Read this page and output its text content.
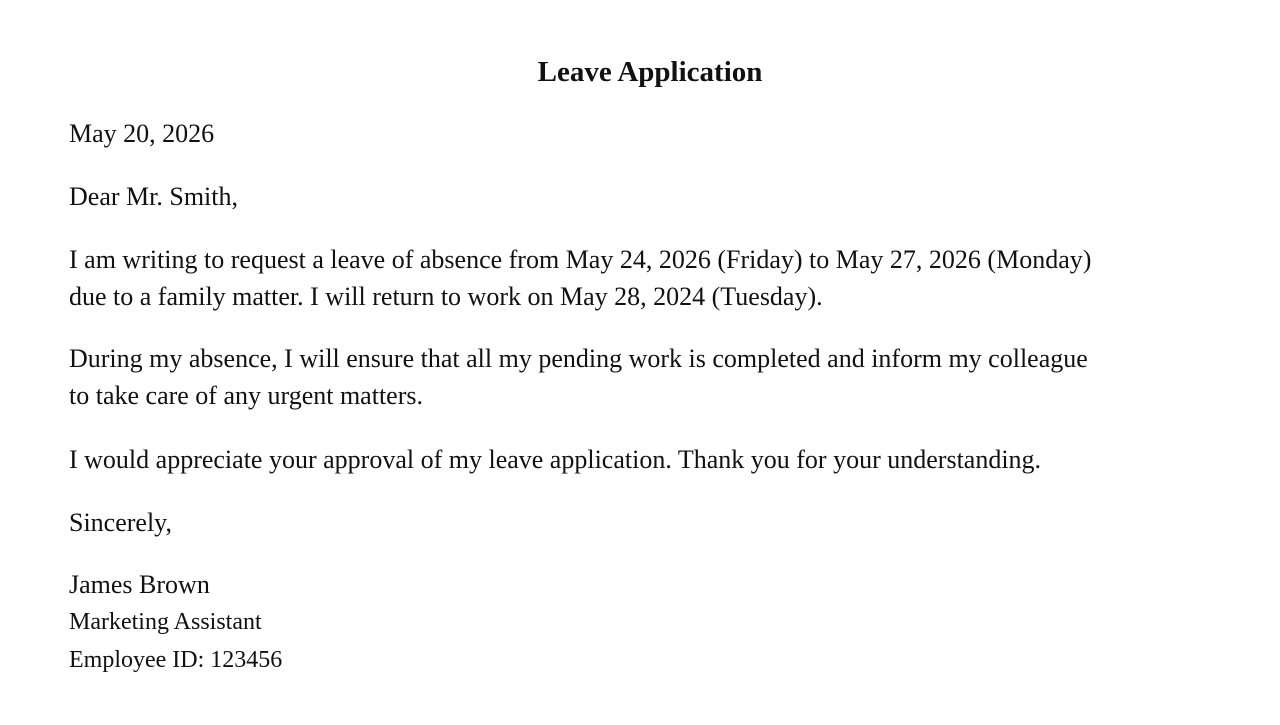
Leave Application

May 20, 2026

Dear Mr. Smith,

I am writing to request a leave of absence from May 24, 2026 (Friday) to May 27, 2026 (Monday)
due to a family matter. I will return to work on May 28, 2024 (Tuesday).

During my absence, I will ensure that all my pending work is completed and inform my colleague
to take care of any urgent matters.

I would appreciate your approval of my leave application. Thank you for your understanding.

Sincerely,

James Brown

Marketing Assistant

Employee ID: 123456
